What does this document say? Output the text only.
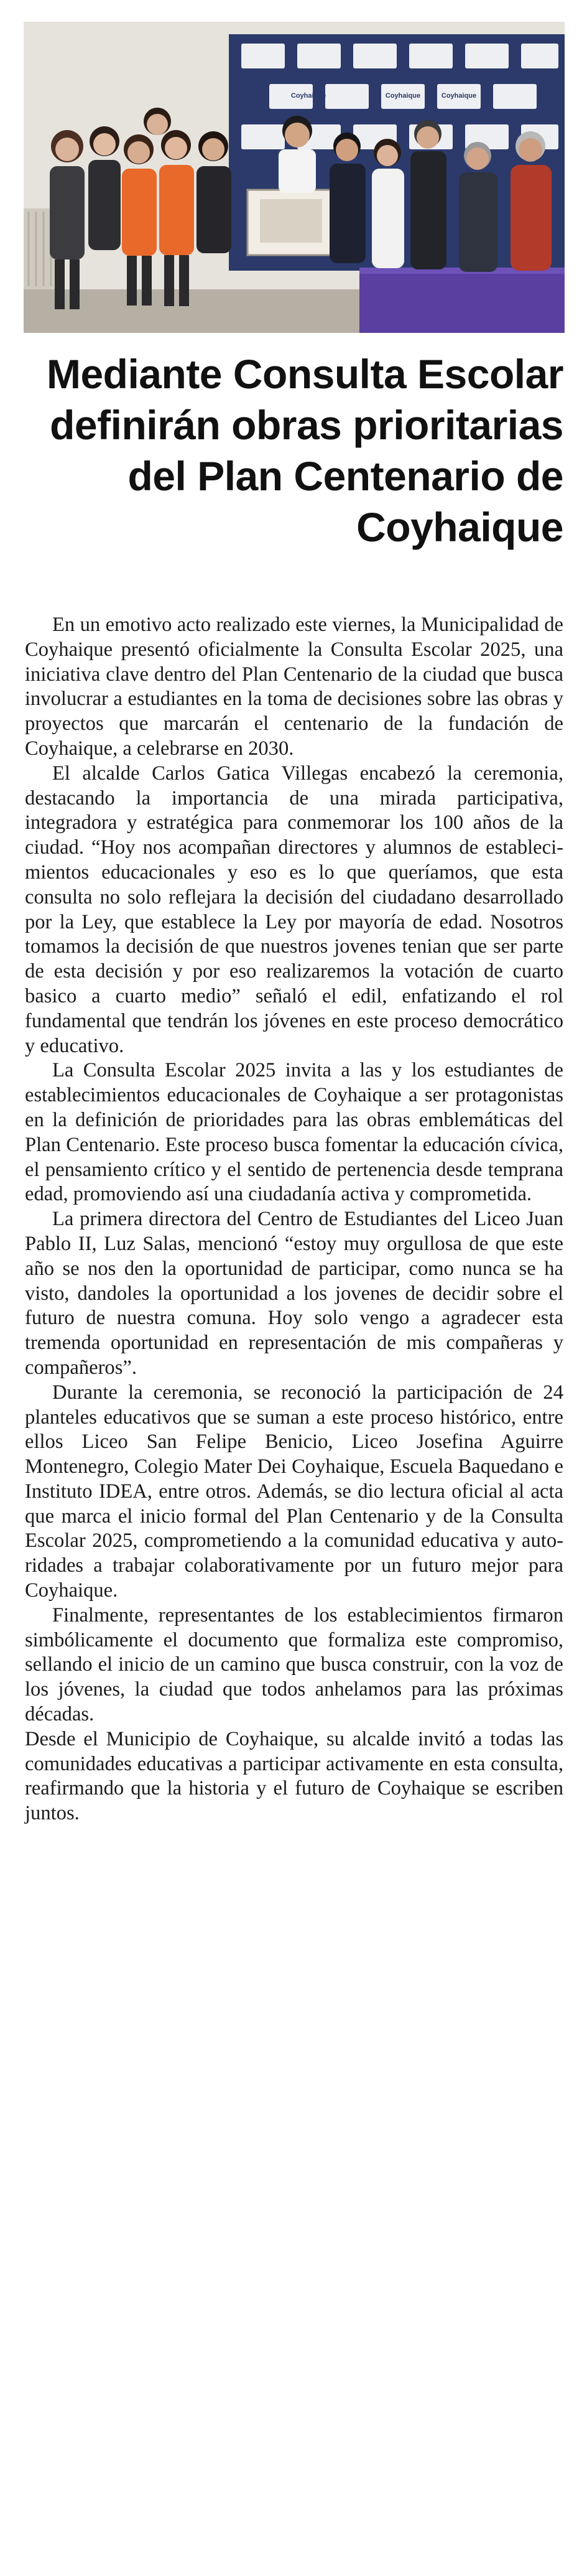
Coyhaique	Coyhaique	Coyhaique
Mediante Consulta Escolar definirán obras prioritarias del Plan Centenario de Coyhaique

En un emotivo acto realizado este viernes, la Municipalidad de Coyhaique presentó oficialmente la Consulta Escolar 2025, una iniciativa clave dentro del Plan Centenario de la ciudad que busca involucrar a estudiantes en la toma de decisiones sobre las obras y proyectos que marcarán el centenario de la fundación de Coyhaique, a celebrarse en 2030.

El alcalde Carlos Gatica Villegas encabezó la ceremonia, destacando la importancia de una mirada participativa, integradora y estratégica para conmemorar los 100 años de la ciudad. “Hoy nos acompañan directores y alumnos de establecimientos educacionales y eso es lo que queríamos, que esta consulta no solo reflejara la decisión del ciudadano desarrollado por la Ley, que establece la Ley por mayoría de edad. Nosotros tomamos la decisión de que nuestros jovenes tenian que ser parte de esta decisión y por eso realizaremos la votación de cuarto basico a cuarto medio” señaló el edil, enfatizando el rol fundamental que tendrán los jóvenes en este proceso democrático y educativo.

La Consulta Escolar 2025 invita a las y los estudiantes de establecimientos educacionales de Coyhaique a ser protagonistas en la definición de prioridades para las obras emblemáticas del Plan Centenario. Este proceso busca fomentar la educación cívica, el pensamiento crítico y el sentido de pertenencia desde temprana edad, promoviendo así una ciudadanía activa y comprometida.

La primera directora del Centro de Estudiantes del Liceo Juan Pablo II, Luz Salas, mencionó “estoy muy orgullosa de que este año se nos den la oportunidad de participar, como nunca se ha visto, dandoles la oportunidad a los jovenes de decidir sobre el futuro de nuestra comuna. Hoy solo vengo a agradecer esta tremenda oportunidad en representación de mis compañeras y compañeros”.

Durante la ceremonia, se reconoció la participación de 24 planteles educativos que se suman a este proceso histórico, entre ellos Liceo San Felipe Benicio, Liceo Josefina Aguirre Montenegro, Colegio Mater Dei Coyhaique, Escuela Baquedano e Instituto IDEA, entre otros. Además, se dio lectura oficial al acta que marca el inicio formal del Plan Centenario y de la Consulta Escolar 2025, comprometiendo a la comunidad educativa y autoridades a trabajar colaborativamente por un futuro mejor para Coyhaique.

Finalmente, representantes de los establecimientos firmaron simbólicamente el documento que formaliza este compromiso, sellando el inicio de un camino que busca construir, con la voz de los jóvenes, la ciudad que todos anhelamos para las próximas décadas.

Desde el Municipio de Coyhaique, su alcalde invitó a todas las comunidades educativas a participar activamente en esta consulta, reafirmando que la historia y el futuro de Coyhaique se escriben juntos.
